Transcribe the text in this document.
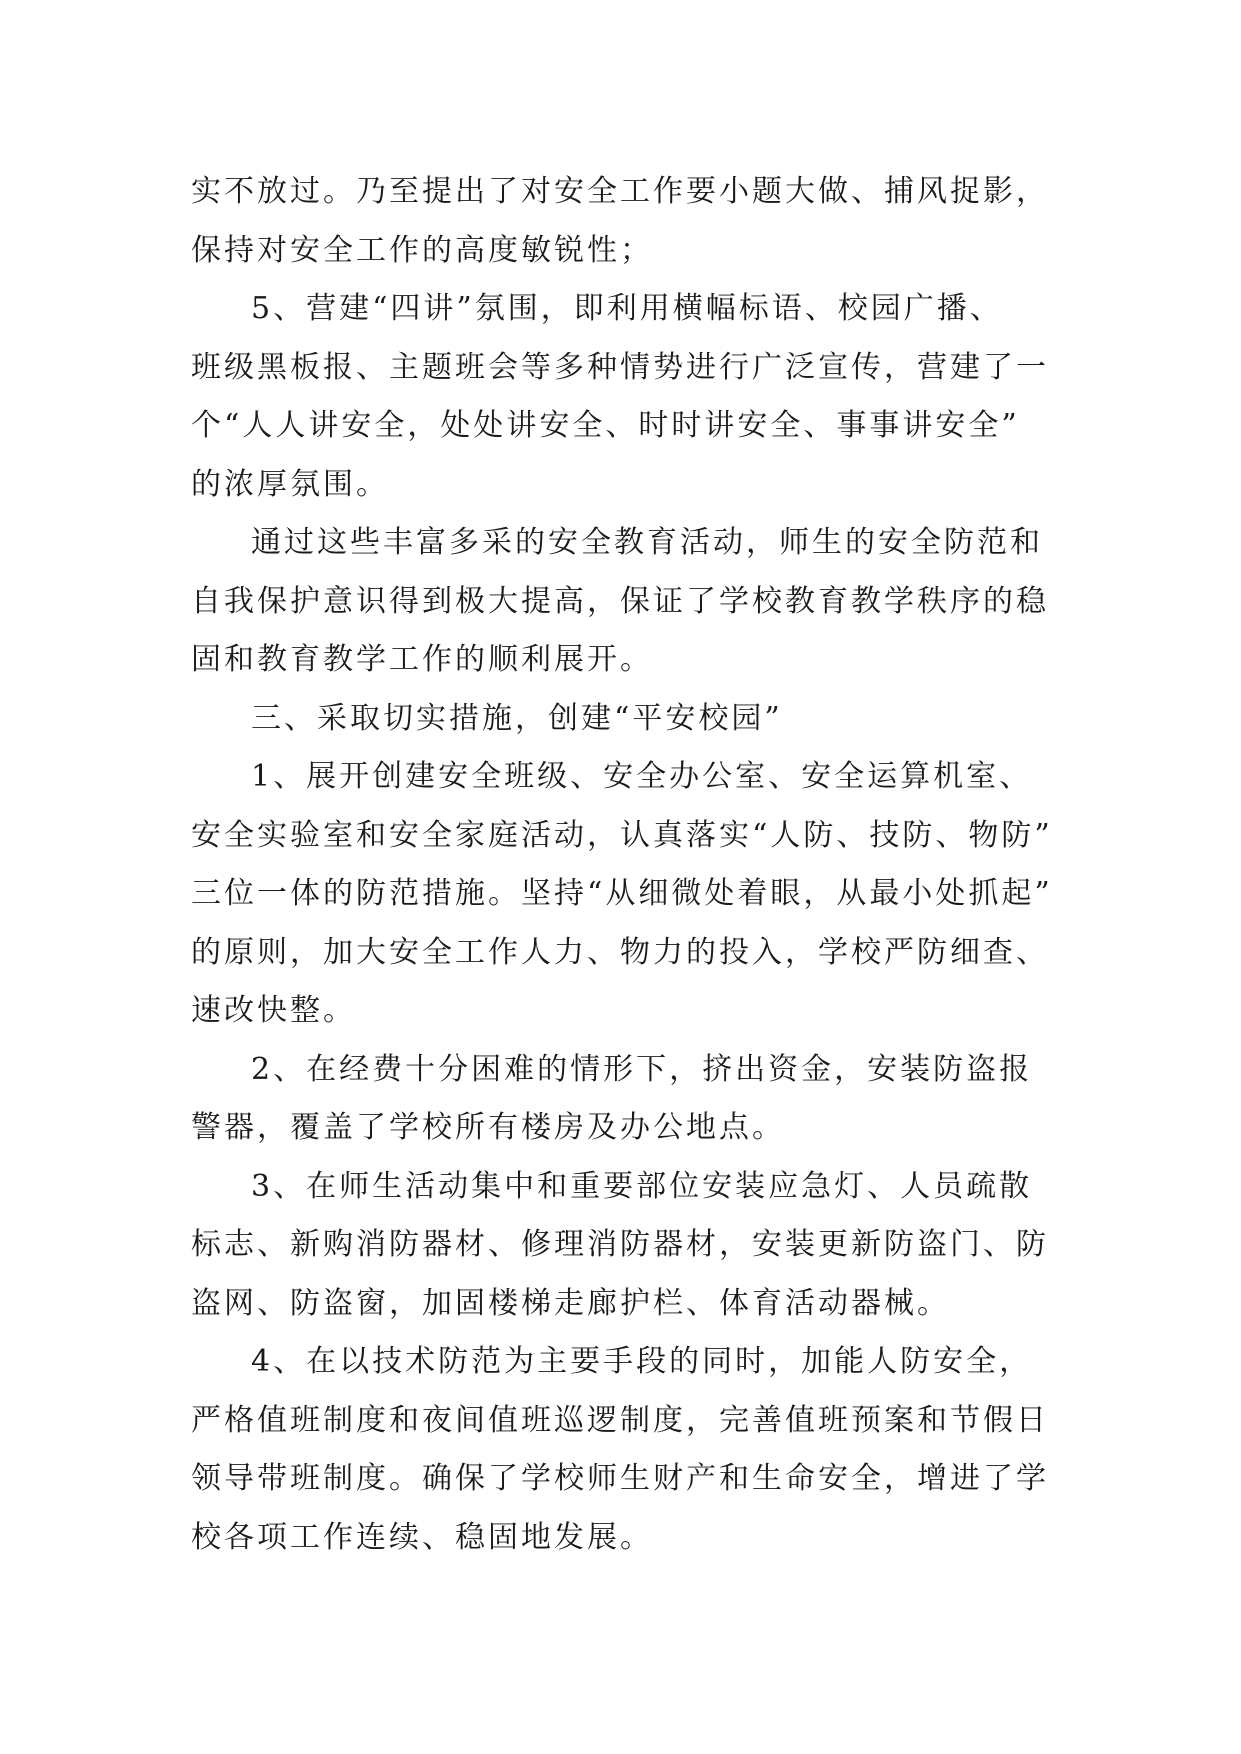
实不放过。乃至提出了对安全工作要小题大做、捕风捉影，
保持对安全工作的高度敏锐性；
5、营建“四讲”氛围，即利用横幅标语、校园广播、
班级黑板报、主题班会等多种情势进行广泛宣传，营建了一
个“人人讲安全，处处讲安全、时时讲安全、事事讲安全”
的浓厚氛围。
通过这些丰富多采的安全教育活动，师生的安全防范和
自我保护意识得到极大提高，保证了学校教育教学秩序的稳
固和教育教学工作的顺利展开。
三、采取切实措施，创建“平安校园”
1、展开创建安全班级、安全办公室、安全运算机室、
安全实验室和安全家庭活动，认真落实“人防、技防、物防”
三位一体的防范措施。坚持“从细微处着眼，从最小处抓起”
的原则，加大安全工作人力、物力的投入，学校严防细查、
速改快整。
2、在经费十分困难的情形下，挤出资金，安装防盗报
警器，覆盖了学校所有楼房及办公地点。
3、在师生活动集中和重要部位安装应急灯、人员疏散
标志、新购消防器材、修理消防器材，安装更新防盗门、防
盗网、防盗窗，加固楼梯走廊护栏、体育活动器械。
4、在以技术防范为主要手段的同时，加能人防安全，
严格值班制度和夜间值班巡逻制度，完善值班预案和节假日
领导带班制度。确保了学校师生财产和生命安全，增进了学
校各项工作连续、稳固地发展。
